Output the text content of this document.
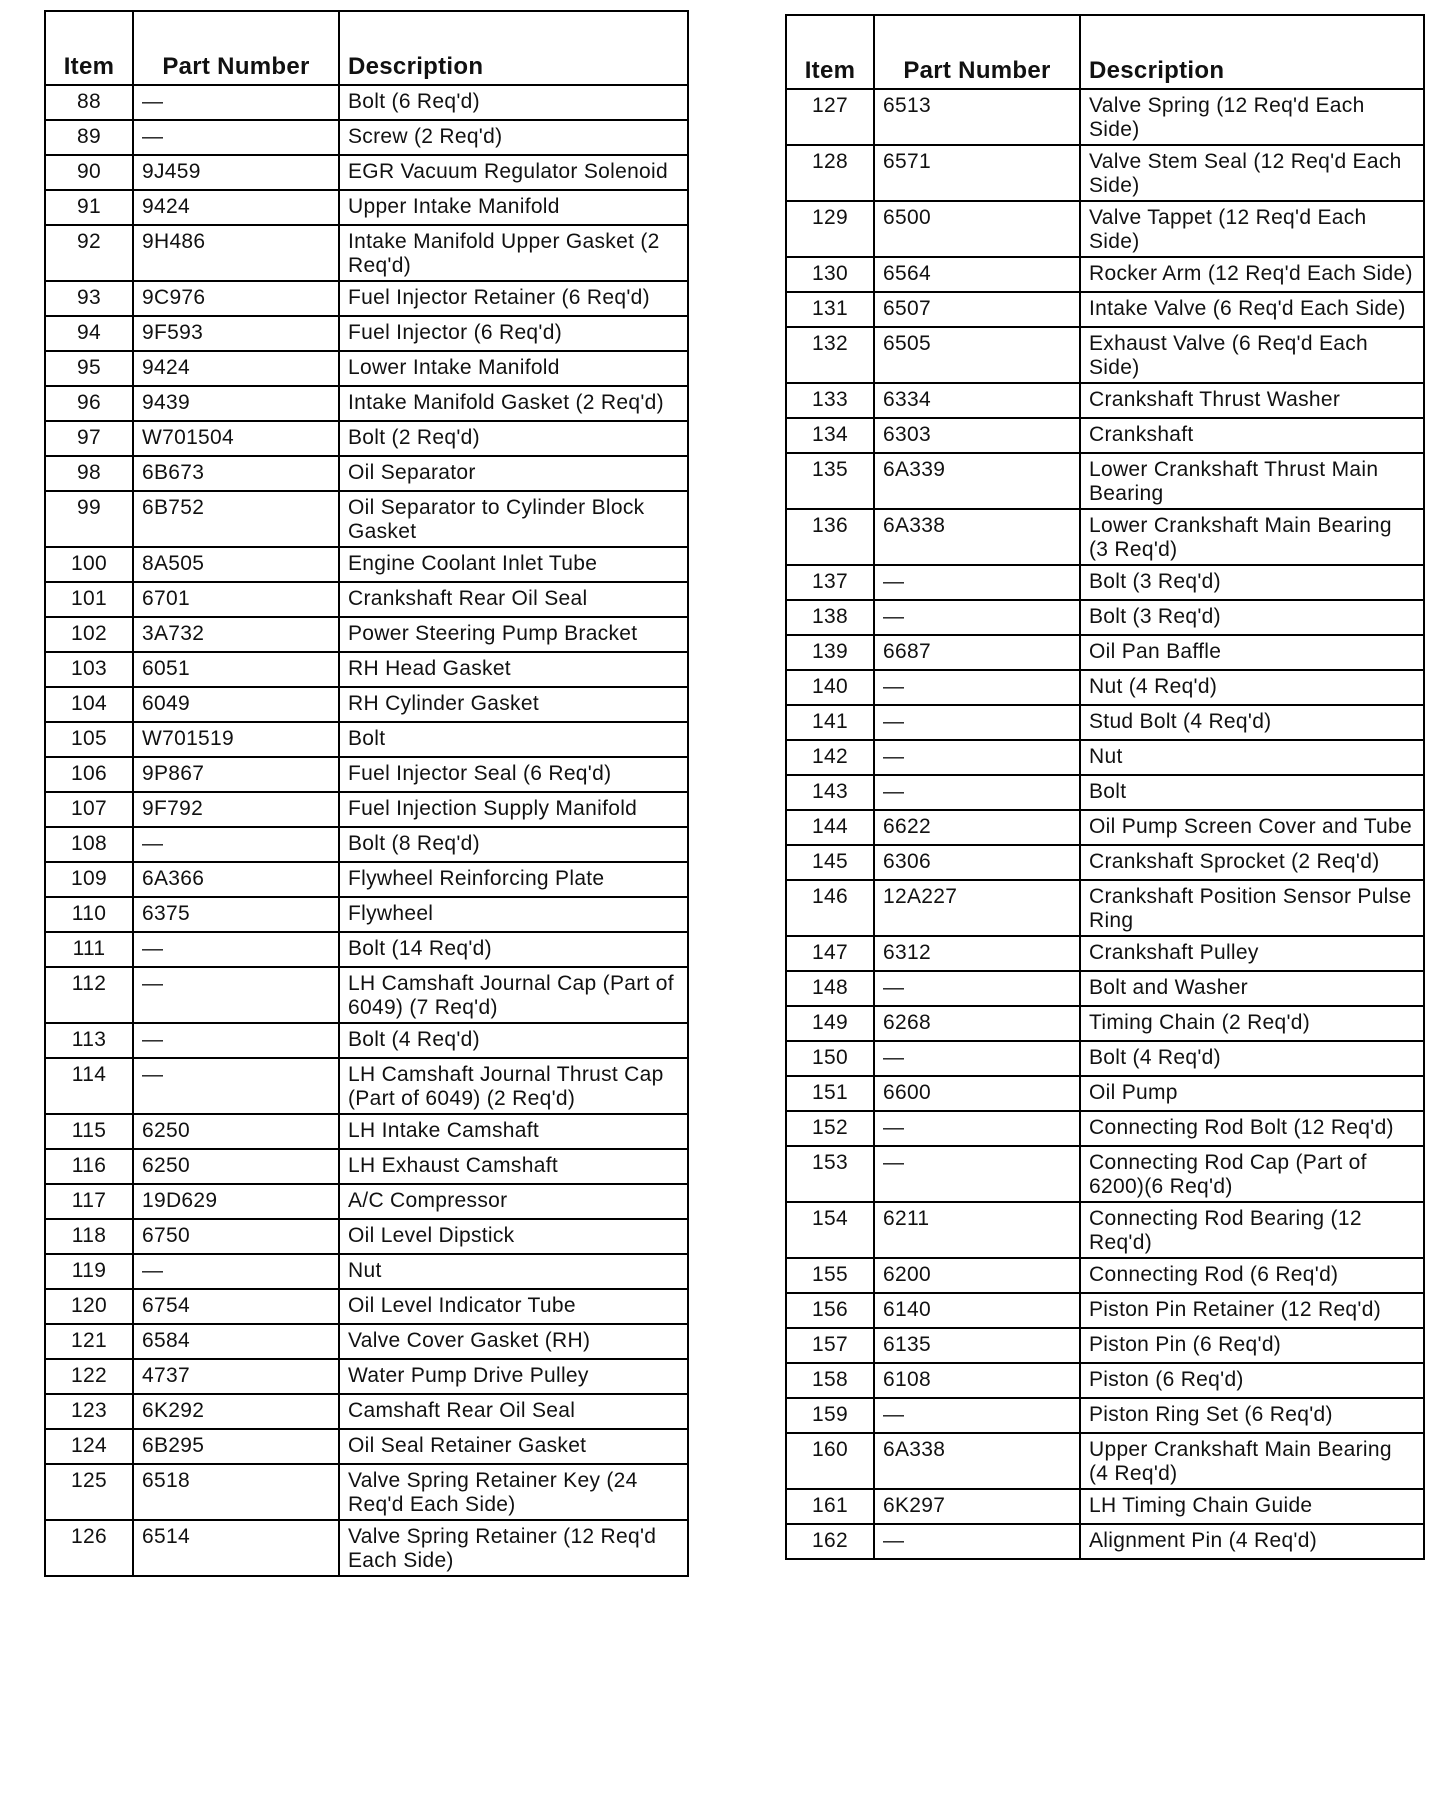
Item	Part Number	Description
88	—	Bolt (6 Req'd)
89	—	Screw (2 Req'd)
90	9J459	EGR Vacuum Regulator Solenoid
91	9424	Upper Intake Manifold
92	9H486	Intake Manifold Upper Gasket (2 Req'd)
93	9C976	Fuel Injector Retainer (6 Req'd)
94	9F593	Fuel Injector (6 Req'd)
95	9424	Lower Intake Manifold
96	9439	Intake Manifold Gasket (2 Req'd)
97	W701504	Bolt (2 Req'd)
98	6B673	Oil Separator
99	6B752	Oil Separator to Cylinder Block Gasket
100	8A505	Engine Coolant Inlet Tube
101	6701	Crankshaft Rear Oil Seal
102	3A732	Power Steering Pump Bracket
103	6051	RH Head Gasket
104	6049	RH Cylinder Gasket
105	W701519	Bolt
106	9P867	Fuel Injector Seal (6 Req'd)
107	9F792	Fuel Injection Supply Manifold
108	—	Bolt (8 Req'd)
109	6A366	Flywheel Reinforcing Plate
110	6375	Flywheel
111	—	Bolt (14 Req'd)
112	—	LH Camshaft Journal Cap (Part of 6049) (7 Req'd)
113	—	Bolt (4 Req'd)
114	—	LH Camshaft Journal Thrust Cap (Part of 6049) (2 Req'd)
115	6250	LH Intake Camshaft
116	6250	LH Exhaust Camshaft
117	19D629	A/C Compressor
118	6750	Oil Level Dipstick
119	—	Nut
120	6754	Oil Level Indicator Tube
121	6584	Valve Cover Gasket (RH)
122	4737	Water Pump Drive Pulley
123	6K292	Camshaft Rear Oil Seal
124	6B295	Oil Seal Retainer Gasket
125	6518	Valve Spring Retainer Key (24 Req'd Each Side)
126	6514	Valve Spring Retainer (12 Req'd Each Side)
Item	Part Number	Description
127	6513	Valve Spring (12 Req'd Each Side)
128	6571	Valve Stem Seal (12 Req'd Each Side)
129	6500	Valve Tappet (12 Req'd Each Side)
130	6564	Rocker Arm (12 Req'd Each Side)
131	6507	Intake Valve (6 Req'd Each Side)
132	6505	Exhaust Valve (6 Req'd Each Side)
133	6334	Crankshaft Thrust Washer
134	6303	Crankshaft
135	6A339	Lower Crankshaft Thrust Main Bearing
136	6A338	Lower Crankshaft Main Bearing (3 Req'd)
137	—	Bolt (3 Req'd)
138	—	Bolt (3 Req'd)
139	6687	Oil Pan Baffle
140	—	Nut (4 Req'd)
141	—	Stud Bolt (4 Req'd)
142	—	Nut
143	—	Bolt
144	6622	Oil Pump Screen Cover and Tube
145	6306	Crankshaft Sprocket (2 Req'd)
146	12A227	Crankshaft Position Sensor Pulse Ring
147	6312	Crankshaft Pulley
148	—	Bolt and Washer
149	6268	Timing Chain (2 Req'd)
150	—	Bolt (4 Req'd)
151	6600	Oil Pump
152	—	Connecting Rod Bolt (12 Req'd)
153	—	Connecting Rod Cap (Part of 6200)(6 Req'd)
154	6211	Connecting Rod Bearing (12 Req'd)
155	6200	Connecting Rod (6 Req'd)
156	6140	Piston Pin Retainer (12 Req'd)
157	6135	Piston Pin (6 Req'd)
158	6108	Piston (6 Req'd)
159	—	Piston Ring Set (6 Req'd)
160	6A338	Upper Crankshaft Main Bearing (4 Req'd)
161	6K297	LH Timing Chain Guide
162	—	Alignment Pin (4 Req'd)
